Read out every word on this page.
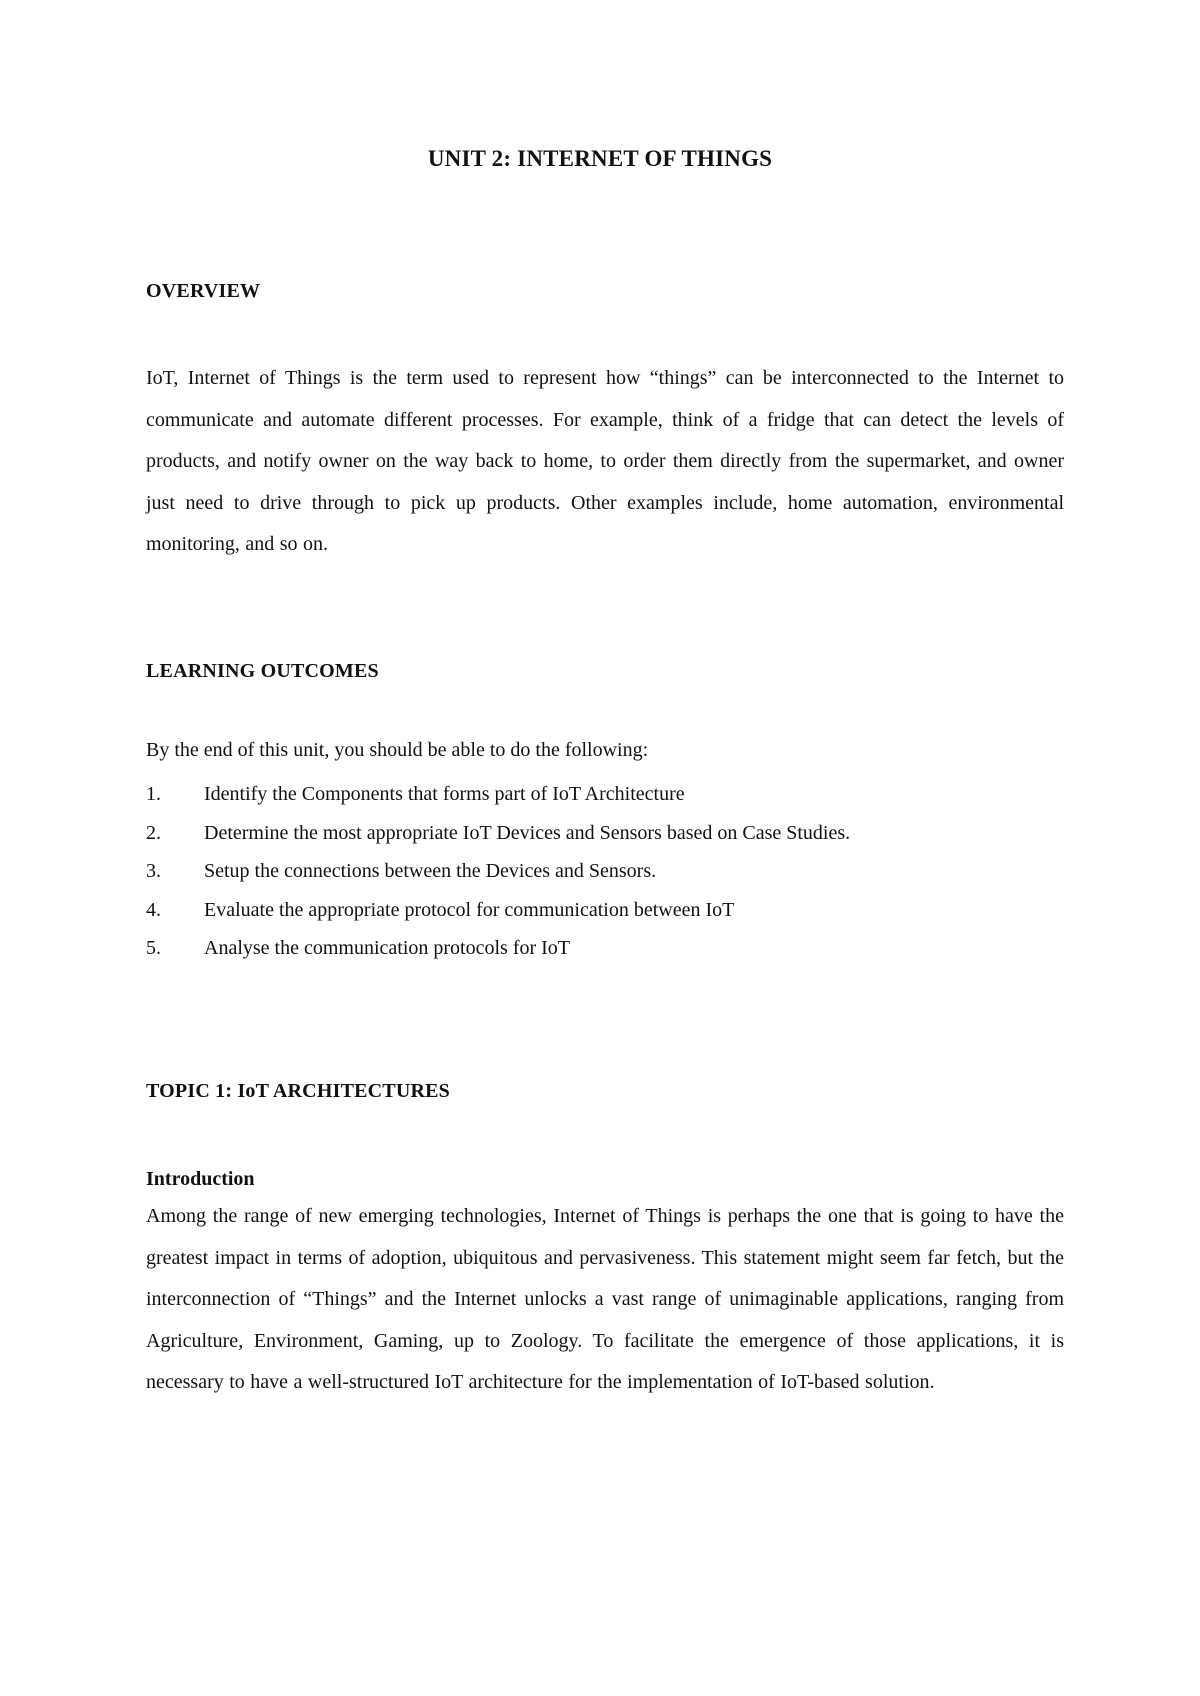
UNIT 2: INTERNET OF THINGS
OVERVIEW

IoT, Internet of Things is the term used to represent how “things” can be interconnected to the Internet to communicate and automate different processes. For example, think of a fridge that can detect the levels of products, and notify owner on the way back to home, to order them directly from the supermarket, and owner just need to drive through to pick up products. Other examples include, home automation, environmental monitoring, and so on.

LEARNING OUTCOMES

By the end of this unit, you should be able to do the following:

1.	Identify the Components that forms part of IoT Architecture
2.	Determine the most appropriate IoT Devices and Sensors based on Case Studies.
3.	Setup the connections between the Devices and Sensors.
4.	Evaluate the appropriate protocol for communication between IoT
5.	Analyse the communication protocols for IoT
TOPIC 1: IoT ARCHITECTURES
Introduction

Among the range of new emerging technologies, Internet of Things is perhaps the one that is going to have the greatest impact in terms of adoption, ubiquitous and pervasiveness. This statement might seem far fetch, but the interconnection of “Things” and the Internet unlocks a vast range of unimaginable applications, ranging from Agriculture, Environment, Gaming, up to Zoology. To facilitate the emergence of those applications, it is necessary to have a well-structured IoT architecture for the implementation of IoT-based solution.
